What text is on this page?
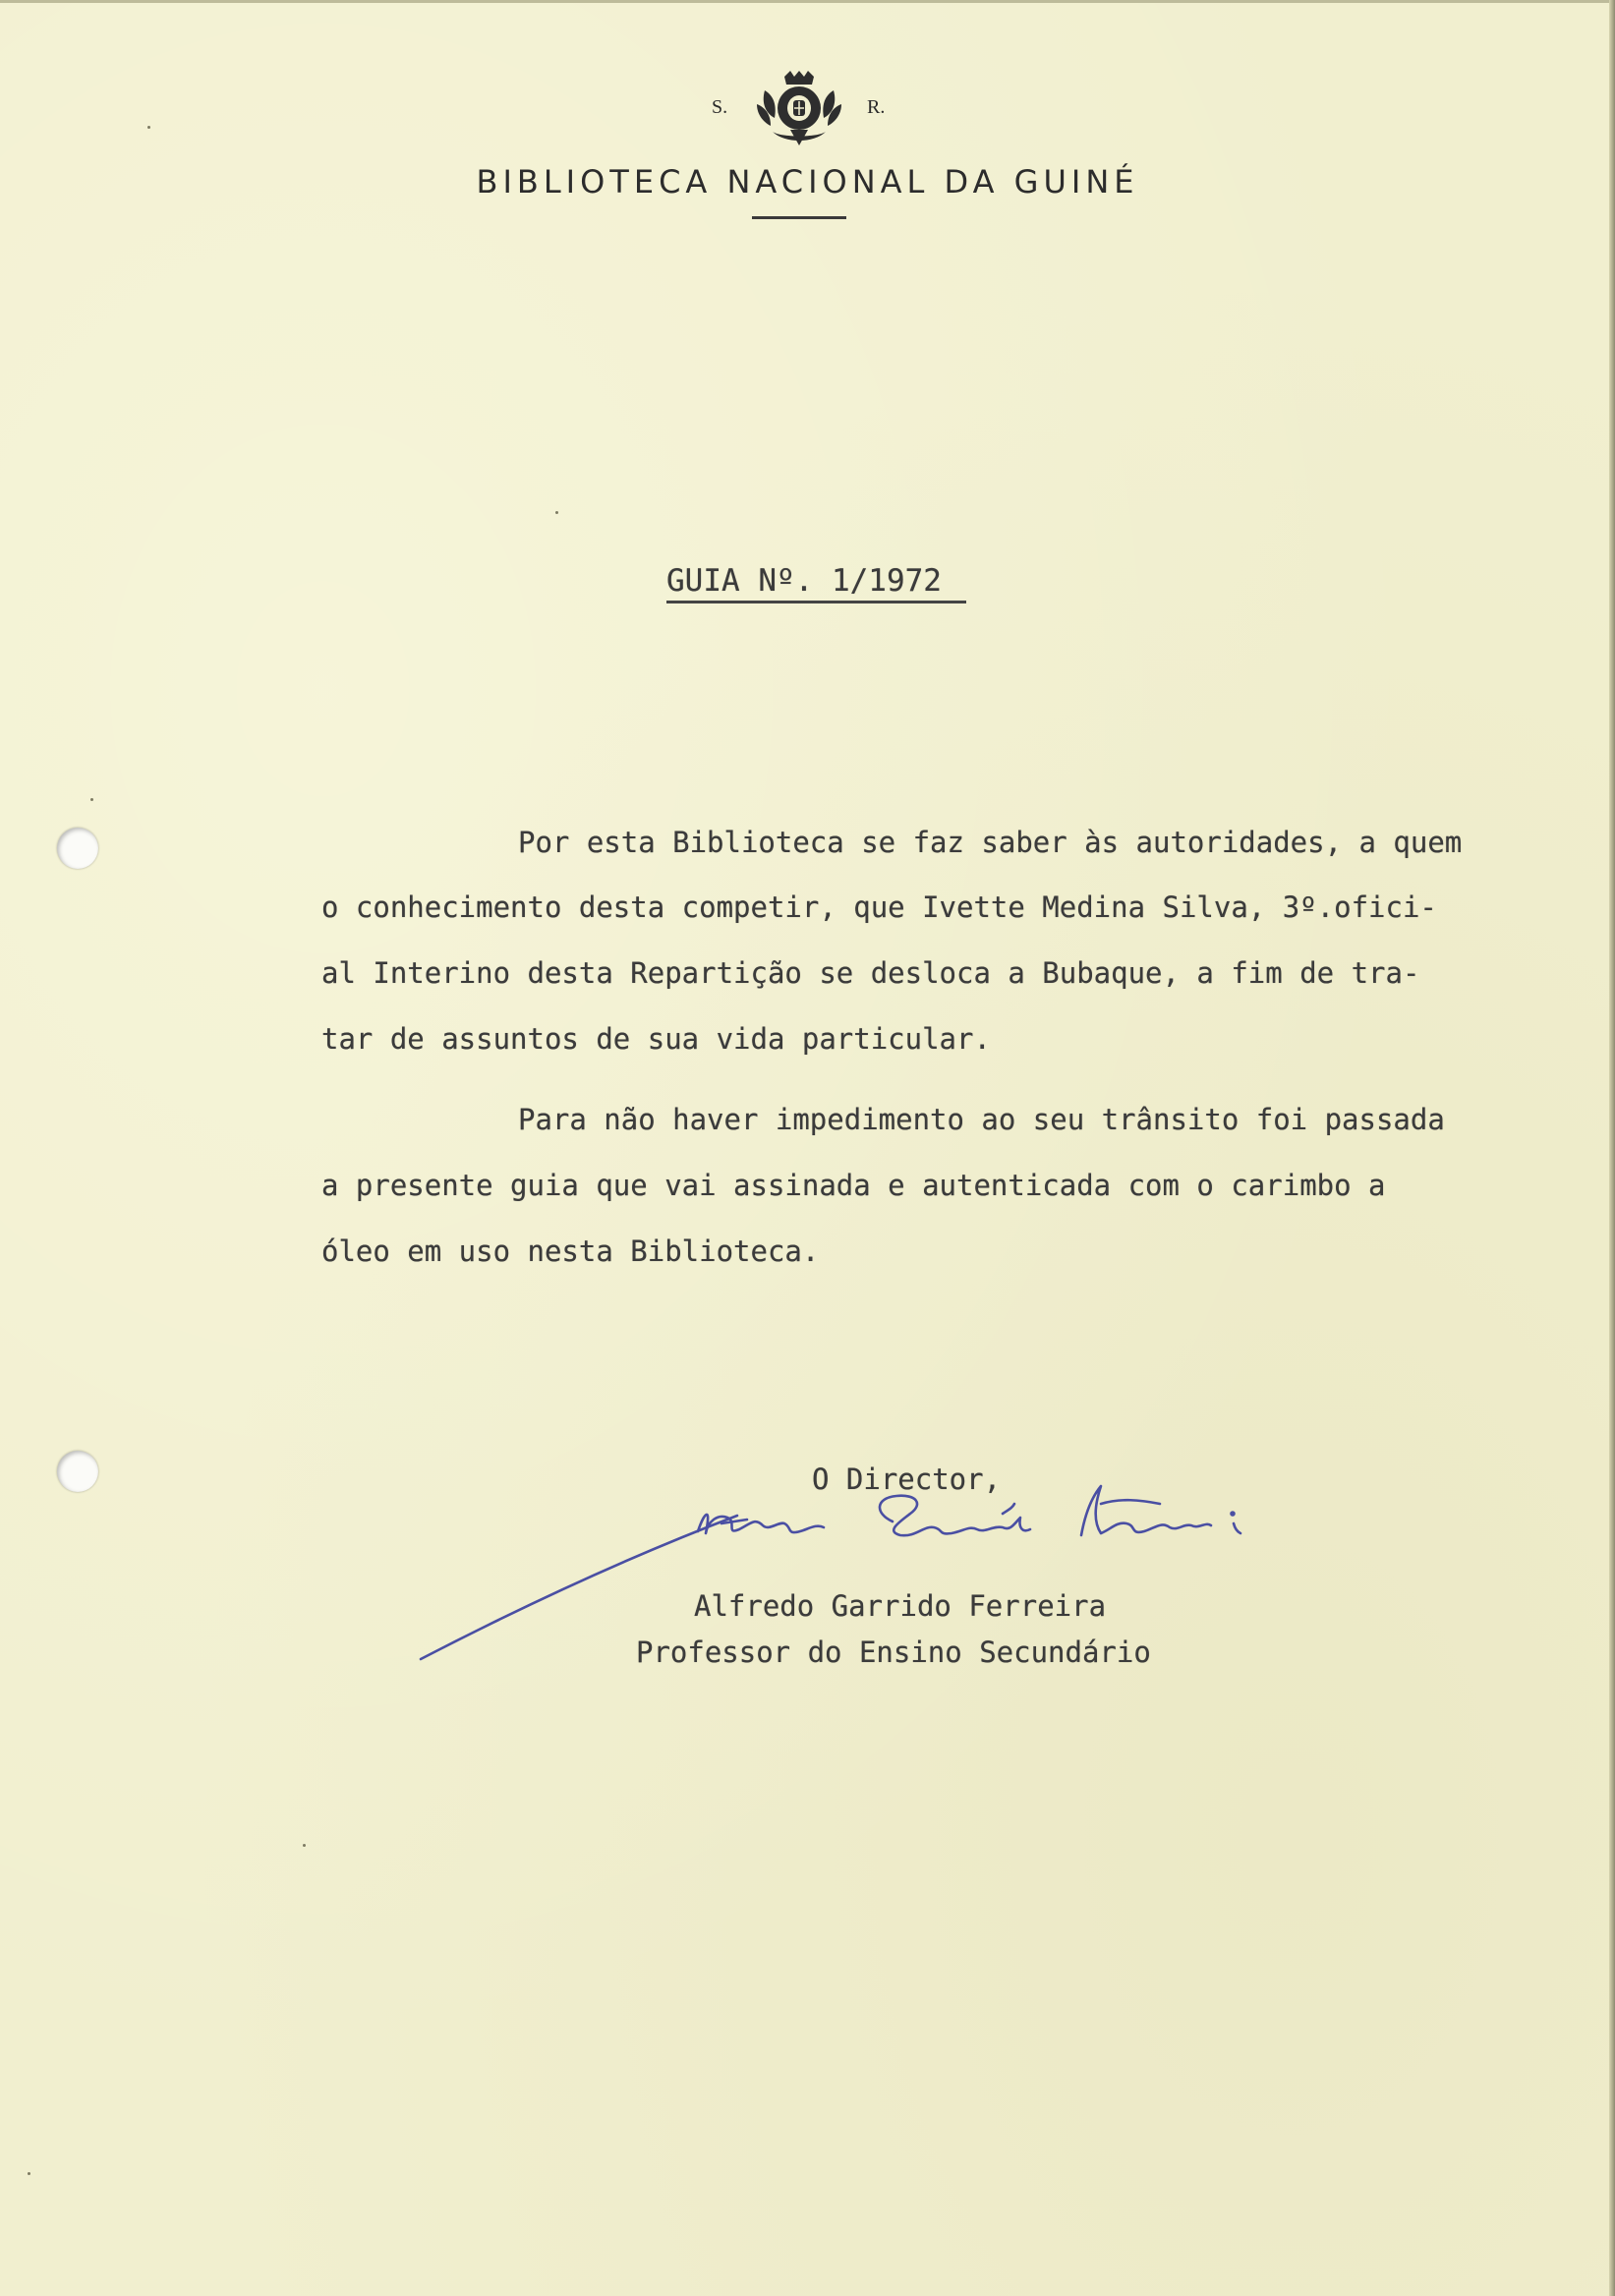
S.	R.
BIBLIOTECA NACIONAL DA GUINÉ
GUIA Nº. 1/1972
Por esta Biblioteca se faz saber às autoridades, a quem
o conhecimento desta competir, que Ivette Medina Silva, 3º.ofici-
al Interino desta Repartição se desloca a Bubaque, a fim de tra-
tar de assuntos de sua vida particular.
Para não haver impedimento ao seu trânsito foi passada
a presente guia que vai assinada e autenticada com o carimbo a
óleo em uso nesta Biblioteca.
O Director,
Alfredo Garrido Ferreira
Professor do Ensino Secundário
